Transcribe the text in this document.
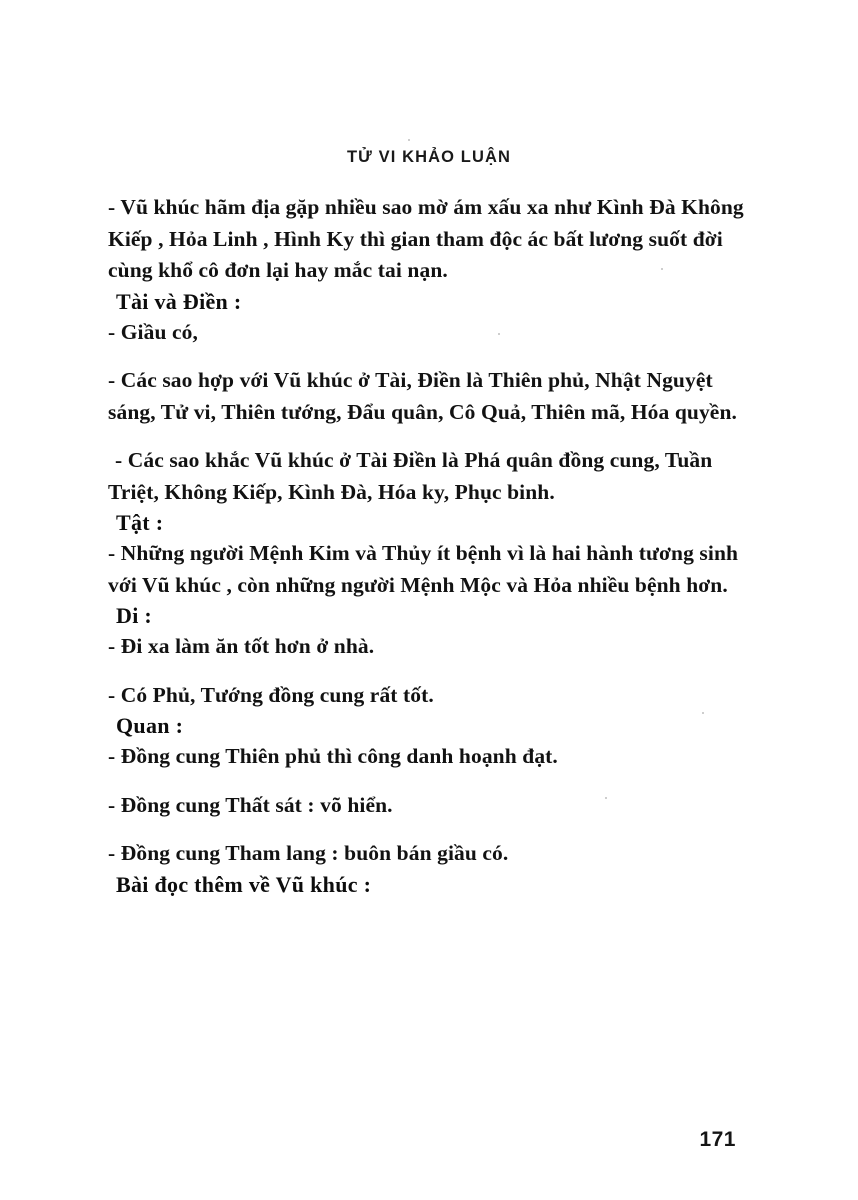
TỬ VI KHẢO LUẬN

- Vũ khúc hãm địa gặp nhiều sao mờ ám xấu xa như Kình Đà Không Kiếp , Hỏa Linh , Hình Ky thì gian tham độc ác bất lương suốt đời cùng khổ cô đơn lại hay mắc tai nạn.

Tài và Điền :

- Giầu có,

- Các sao hợp với Vũ khúc ở Tài, Điền là Thiên phủ, Nhật Nguyệt sáng, Tử vi, Thiên tướng, Đẩu quân, Cô Quả, Thiên mã, Hóa quyền.

- Các sao khắc Vũ khúc ở Tài Điền là Phá quân đồng cung, Tuần Triệt, Không Kiếp, Kình Đà, Hóa ky, Phục binh.

Tật :

- Những người Mệnh Kim và Thủy ít bệnh vì là hai hành tương sinh với Vũ khúc , còn những người Mệnh Mộc và Hỏa nhiều bệnh hơn.

Di :

- Đi xa làm ăn tốt hơn ở nhà.

- Có Phủ, Tướng đồng cung rất tốt.

Quan :

- Đồng cung Thiên phủ thì công danh hoạnh đạt.

- Đồng cung Thất sát : võ hiển.

- Đồng cung Tham lang : buôn bán giầu có.

Bài đọc thêm về Vũ khúc :
171
